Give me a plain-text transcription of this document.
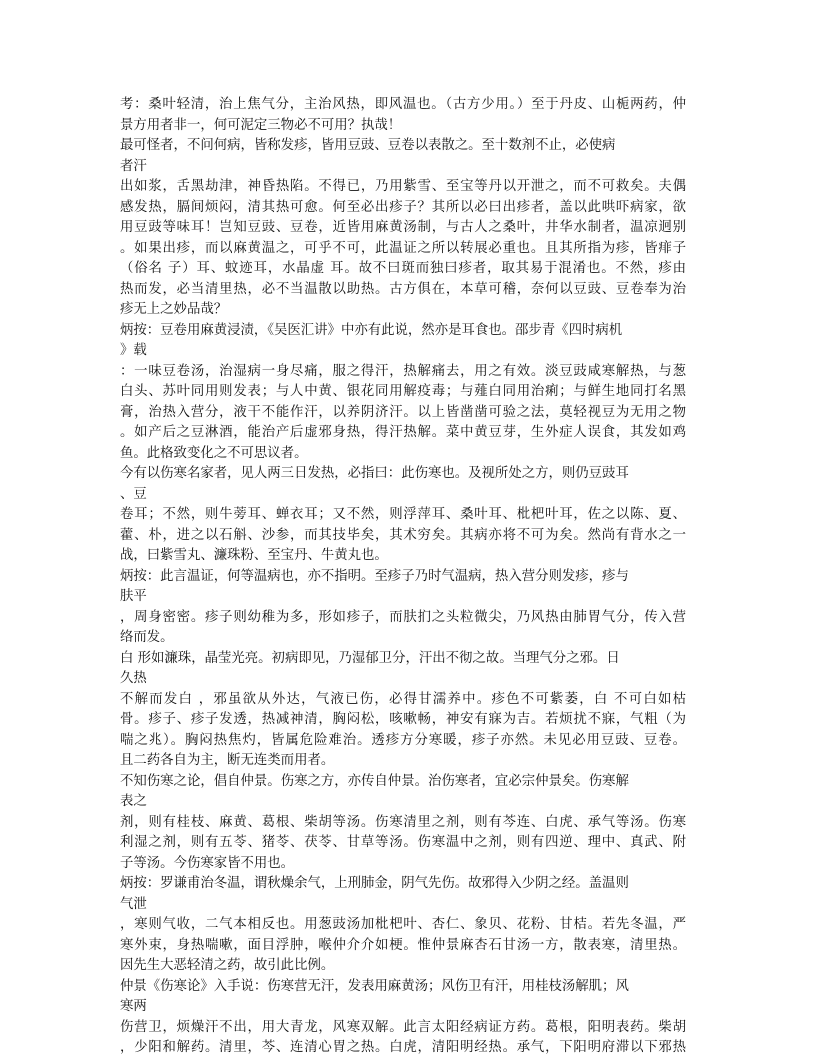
考：桑叶轻清，治上焦气分，主治风热，即风温也。（古方少用。）至于丹皮、山栀两药，仲
景方用者非一，何可泥定三物必不可用？执哉！
最可怪者，不问何病，皆称发疹，皆用豆豉、豆卷以表散之。至十数剂不止，必使病
者汗
出如浆，舌黑劫津，神昏热陷。不得已，乃用紫雪、至宝等丹以开泄之，而不可救矣。夫偶
感发热，膈间烦闷，清其热可愈。何至必出疹子？其所以必曰出疹者，盖以此哄吓病家，欲
用豆豉等味耳！岂知豆豉、豆卷，近皆用麻黄汤制，与古人之桑叶，井华水制者，温凉迥别
。如果出疹，而以麻黄温之，可乎不可，此温证之所以转展必重也。且其所指为疹，皆痱子
（俗名 子）耳、蚊迹耳，水晶虚 耳。故不曰斑而独曰疹者，取其易于混淆也。不然，疹由
热而发，必当清里热，必不当温散以助热。古方俱在，本草可稽，奈何以豆豉、豆卷奉为治
疹无上之妙品哉？
炳按：豆卷用麻黄浸渍，《吴医汇讲》中亦有此说，然亦是耳食也。邵步青《四时病机
》载
：一味豆卷汤，治湿病一身尽痛，服之得汗，热解痛去，用之有效。淡豆豉咸寒解热，与葱
白头、苏叶同用则发表；与人中黄、银花同用解疫毒；与薤白同用治痢；与鲜生地同打名黑
膏，治热入营分，液干不能作汗，以养阴济汗。以上皆凿凿可验之法，莫轻视豆为无用之物
。如产后之豆淋酒，能治产后虚邪身热，得汗热解。菜中黄豆芽，生外症人误食，其发如鸡
鱼。此格致变化之不可思议者。
今有以伤寒名家者，见人两三日发热，必指曰：此伤寒也。及视所处之方，则仍豆豉耳
、豆
卷耳；不然，则牛蒡耳、蝉衣耳；又不然，则浮萍耳、桑叶耳、枇杷叶耳，佐之以陈、夏、
藿、朴，进之以石斛、沙参，而其技毕矣，其术穷矣。其病亦将不可为矣。然尚有背水之一
战，曰紫雪丸、濂珠粉、至宝丹、牛黄丸也。
炳按：此言温证，何等温病也，亦不指明。至疹子乃时气温病，热入营分则发疹，疹与
肤平
，周身密密。疹子则幼稚为多，形如疹子，而肤扪之头粒微尖，乃风热由肺胃气分，传入营
络而发。
白 形如濂珠，晶莹光亮。初病即见，乃湿郁卫分，汗出不彻之故。当理气分之邪。日
久热
不解而发白 ，邪虽欲从外达，气液已伤，必得甘濡养中。疹色不可紫萎，白 不可白如枯
骨。疹子、疹子发透，热减神清，胸闷松，咳嗽畅，神安有寐为吉。若烦扰不寐，气粗（为
喘之兆）。胸闷热焦灼，皆属危险难治。透疹方分寒暖，疹子亦然。未见必用豆豉、豆卷。
且二药各自为主，断无连类而用者。
不知伤寒之论，倡自仲景。伤寒之方，亦传自仲景。治伤寒者，宜必宗仲景矣。伤寒解
表之
剂，则有桂枝、麻黄、葛根、柴胡等汤。伤寒清里之剂，则有芩连、白虎、承气等汤。伤寒
利湿之剂，则有五苓、猪苓、茯苓、甘草等汤。伤寒温中之剂，则有四逆、理中、真武、附
子等汤。今伤寒家皆不用也。
炳按：罗谦甫治冬温，谓秋燥余气，上刑肺金，阴气先伤。故邪得入少阴之经。盖温则
气泄
，寒则气收，二气本相反也。用葱豉汤加枇杷叶、杏仁、象贝、花粉、甘桔。若先冬温，严
寒外束，身热喘嗽，面目浮肿，喉仲介介如梗。惟仲景麻杏石甘汤一方，散表寒，清里热。
因先生大恶轻清之药，故引此比例。
仲景《伤寒论》入手说：伤寒营无汗，发表用麻黄汤；风伤卫有汗，用桂枝汤解肌；风
寒两
伤营卫，烦燥汗不出，用大青龙，风寒双解。此言太阳经病证方药。葛根，阳明表药。柴胡
，少阳和解药。清里，芩、连清心胃之热。白虎，清阳明经热。承气，下阳明府滞以下邪热
